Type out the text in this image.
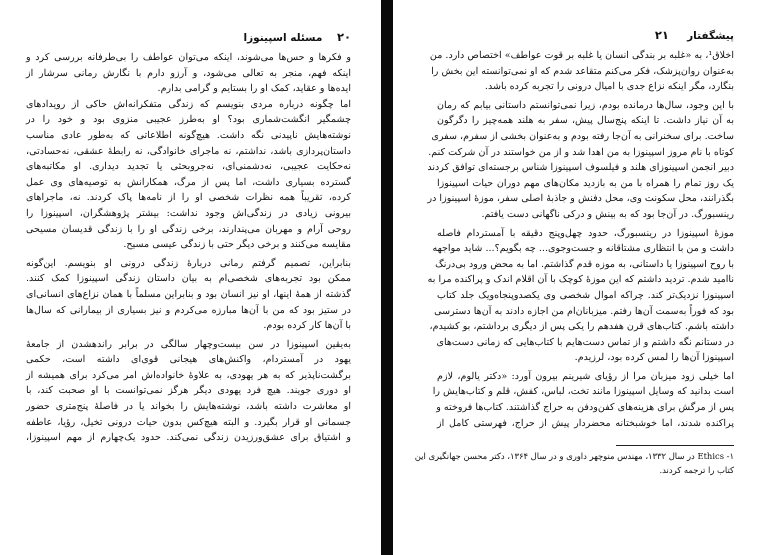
۲۰    مسئله اسپینوزا
و فکرها و حس‌ها می‌شوند، اینکه می‌توان عواطف را بی‌طرفانه بررسی کرد و
اینکه فهم، منجر به تعالی می‌شود، و آرزو دارم با نگارش رمانی سرشار از
ایده‌ها و عقاید، کمک او را بستایم و گرامی بدارم.
اما چگونه درباره مردی بنویسم که زندگی متفکرانه‌اش حاکی از رویدادهای
چشمگیر انگشت‌شماری بود؟ او به‌طرز عجیبی منزوی بود و خود را در
نوشته‌هایش ناپیدنی نگه داشت. هیچ‌گونه اطلاعاتی که به‌طور عادی مناسب
داستان‌پردازی باشد، نداشتم، نه ماجرای خانوادگی، نه رابطهٔ عشقی، نه‌حسادتی،
نه‌حکایت عجیبی، نه‌دشمنی‌ای، نه‌جرو‌بحثی یا تجدید دیداری. او مکاتبه‌های
گسترده بسیاری داشت، اما پس از مرگ، همکارانش به توصیه‌های وی عمل
کرده، تقریباً همه نظرات شخصی او را از نامه‌ها پاک کردند. نه، ماجراهای
بیرونی زیادی در زندگی‌اش وجود نداشت: بیشتر پژوهشگران، اسپینوزا را
روحی آرام و مهربان می‌پندارند، برخی زندگی او را با زندگی قدیسان مسیحی
مقایسه می‌کنند و برخی دیگر حتی با زندگی عیسی مسیح.
بنابراین، تصمیم گرفتم رمانی دربارهٔ زندگی درونی او بنویسم. این‌گونه
ممکن بود تجربه‌های شخصی‌ام به بیان داستان زندگی اسپینوزا کمک کنند.
گذشته از همهٔ اینها، او نیز انسان بود و بنابراین مسلماً با همان نزاع‌های انسانی‌ای
در ستیز بود که من با آن‌ها مبارزه می‌کردم و نیز بسیاری از بیمارانی که سال‌ها
با آن‌ها کار کرده بودم.
به‌یقین اسپینوزا در سن بیست‌وچهار سالگی در برابر راندهشدن از جامعهٔ
یهود در آمستردام، واکنش‌های هیجانی قوی‌ای داشته است، حکمی
برگشت‌ناپذیر که به هر یهودی، به علاوهٔ خانواده‌اش امر می‌کرد برای همیشه از
او دوری جویند. هیچ فرد یهودی دیگر هرگز نمی‌توانست با او صحبت کند، با
او معاشرت داشته باشد، نوشته‌هایش را بخواند یا در فاصلهٔ پنج‌متری حضور
جسمانی او قرار بگیرد. و البته هیچ‌کس بدون حیات درونی تخیل، رؤیا، عاطفه
و اشتیاق برای عشق‌ورزیدن زندگی نمی‌کند. حدود یک‌چهارم از مهم اسپینوزا،
پیشگفتار     ۲۱
اخلاق¹، به «غلبه بر بندگی انسان یا غلبه بر قوت عواطف» اختصاص دارد. من
به‌عنوان روان‌پزشک، فکر می‌کنم متقاعد شدم که او نمی‌توانسته این بخش را
بنگارد، مگر اینکه نزاع جدی با امیال درونی را تجربه کرده باشد.
با این وجود، سال‌ها درمانده بودم، زیرا نمی‌توانستم داستانی بیابم که رمان
به آن نیاز داشت. تا اینکه پنج‌سال پیش، سفر به هلند همه‌چیز را دگرگون
ساخت. برای سخنرانی به آن‌جا رفته بودم و به‌عنوان بخشی از سفرم، سفری
کوتاه با نام مروز اسپینوزا به من اهدا شد و از من خواستند در آن شرکت کنم.
دبیر انجمن اسپینوزای هلند و فیلسوف اسپینوزا شناس برجسته‌ای توافق کردند
یک روز تمام را همراه با من به بازدید مکان‌های مهم دوران حیات اسپینوزا
بگذرانند، محل سکونت وی، محل دفنش و جاذبهٔ اصلی سفر، موزهٔ اسپینوزا در
رینسبورگ. در آن‌جا بود که به بینش و درکی ناگهانی دست یافتم.
موزهٔ اسپینوزا در رینسبورگ، حدود چهل‌وپنج دقیقه با آمستردام فاصله
داشت و من با انتظاری مشتاقانه و جست‌وجوی... چه بگویم؟... شاید مواجهه
با روح اسپینوزا یا داستانی، به موزه قدم گذاشتم. اما به محض ورود بی‌درنگ
ناامید شدم. تردید داشتم که این موزهٔ کوچک با آن اقلام اندک و پراکنده مرا به
اسپینوزا نزدیک‌تر کند. چراکه اموال شخصی وی یکصدوپنجاه‌ویک جلد کتاب
بود که فوراً به‌سمت آن‌ها رفتم. میزبانان‌ام من اجازه دادند به آن‌ها دسترسی
داشته باشم. کتاب‌های قرن هفدهم را یکی پس از دیگری برداشتم، بو کشیدم،
در دستانم نگه داشتم و از تماس دست‌هایم با کتاب‌هایی که زمانی دست‌های
اسپینوزا آن‌ها را لمس کرده بود، لرزیدم.
اما خیلی زود میزبان مرا از رؤیای شیرینم بیرون آورد: «دکتر یالوم، لازم
است بدانید که وسایل اسپینوزا مانند تخت، لباس، کفش، قلم و کتاب‌هایش را
پس از مرگش برای هزینه‌های کفن‌ودفن به حراج گذاشتند. کتاب‌ها فروخته و
پراکنده شدند، اما خوشبختانه محضردار پیش از حراج، فهرستی کامل از
۱- Ethics در سال ۱۳۳۲، مهندس منوچهر داوری و در سال ۱۳۶۴، دکتر محسن جهانگیری این
کتاب را ترجمه کردند.
